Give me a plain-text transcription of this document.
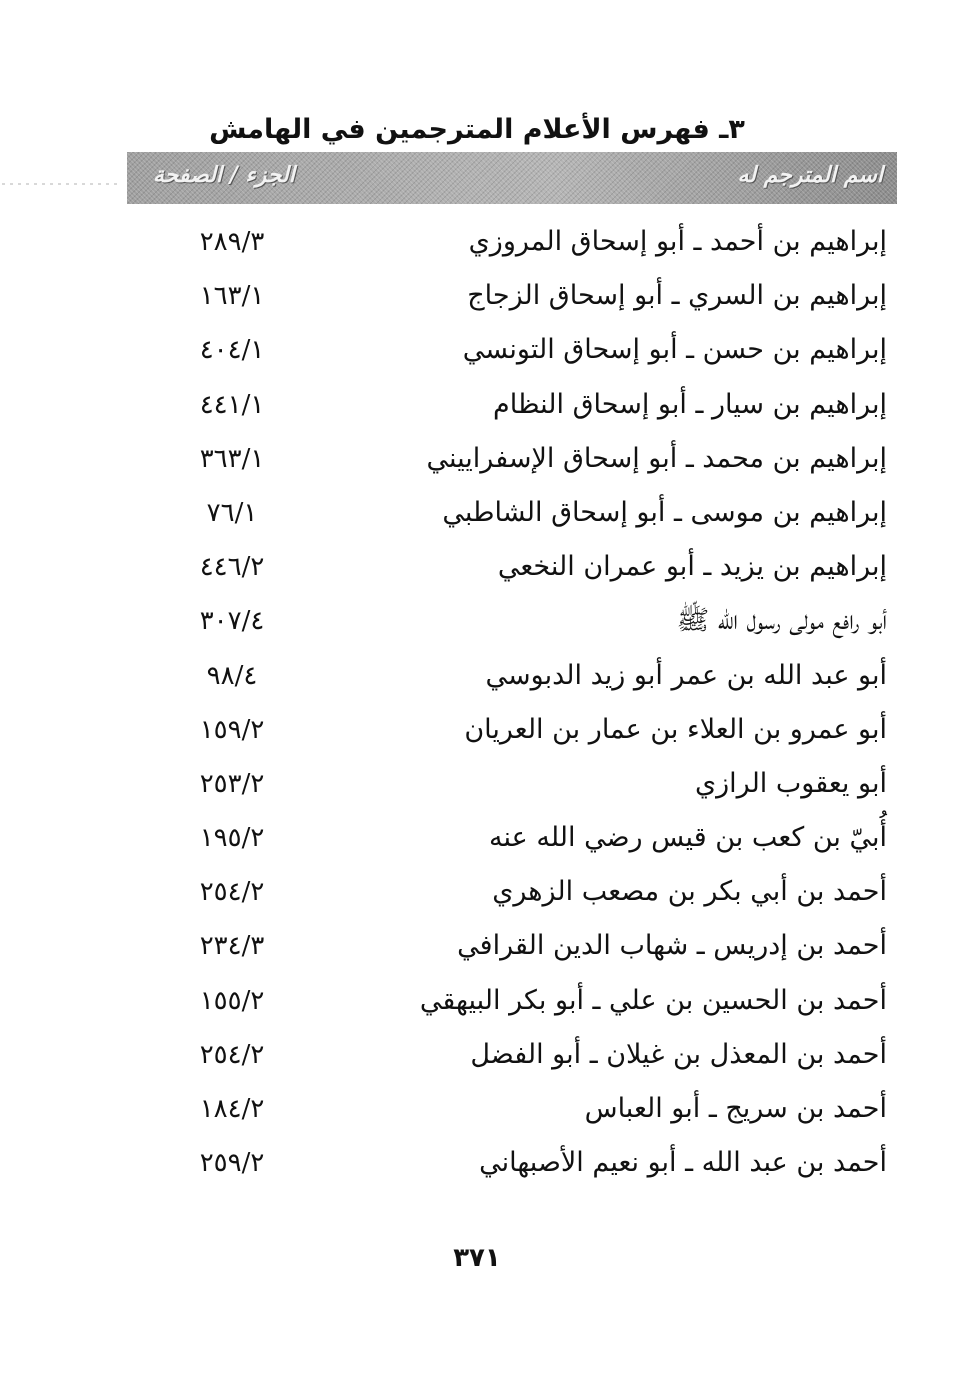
٣ـ فهرس الأعلام المترجمين في الهامش
اسم المترجم له
الجزء / الصفحة
إبراهيم بن أحمد ـ أبو إسحاق المروزي
٢٨٩/٣
إبراهيم بن السري ـ أبو إسحاق الزجاج
١٦٣/١
إبراهيم بن حسن ـ أبو إسحاق التونسي
٤٠٤/١
إبراهيم بن سيار ـ أبو إسحاق النظام
٤٤١/١
إبراهيم بن محمد ـ أبو إسحاق الإسفراييني
٣٦٣/١
إبراهيم بن موسى ـ أبو إسحاق الشاطبي
٧٦/١
إبراهيم بن يزيد ـ أبو عمران النخعي
٤٤٦/٢
أبو رافع مولى رسول الله ﷺ
٣٠٧/٤
أبو عبد الله بن عمر أبو زيد الدبوسي
٩٨/٤
أبو عمرو بن العلاء بن عمار بن العريان
١٥٩/٢
أبو يعقوب الرازي
٢٥٣/٢
أُبيّ بن كعب بن قيس رضي الله عنه
١٩٥/٢
أحمد بن أبي بكر بن مصعب الزهري
٢٥٤/٢
أحمد بن إدريس ـ شهاب الدين القرافي
٢٣٤/٣
أحمد بن الحسين بن علي ـ أبو بكر البيهقي
١٥٥/٢
أحمد بن المعذل بن غيلان ـ أبو الفضل
٢٥٤/٢
أحمد بن سريج ـ أبو العباس
١٨٤/٢
أحمد بن عبد الله ـ أبو نعيم الأصبهاني
٢٥٩/٢
٣٧١
